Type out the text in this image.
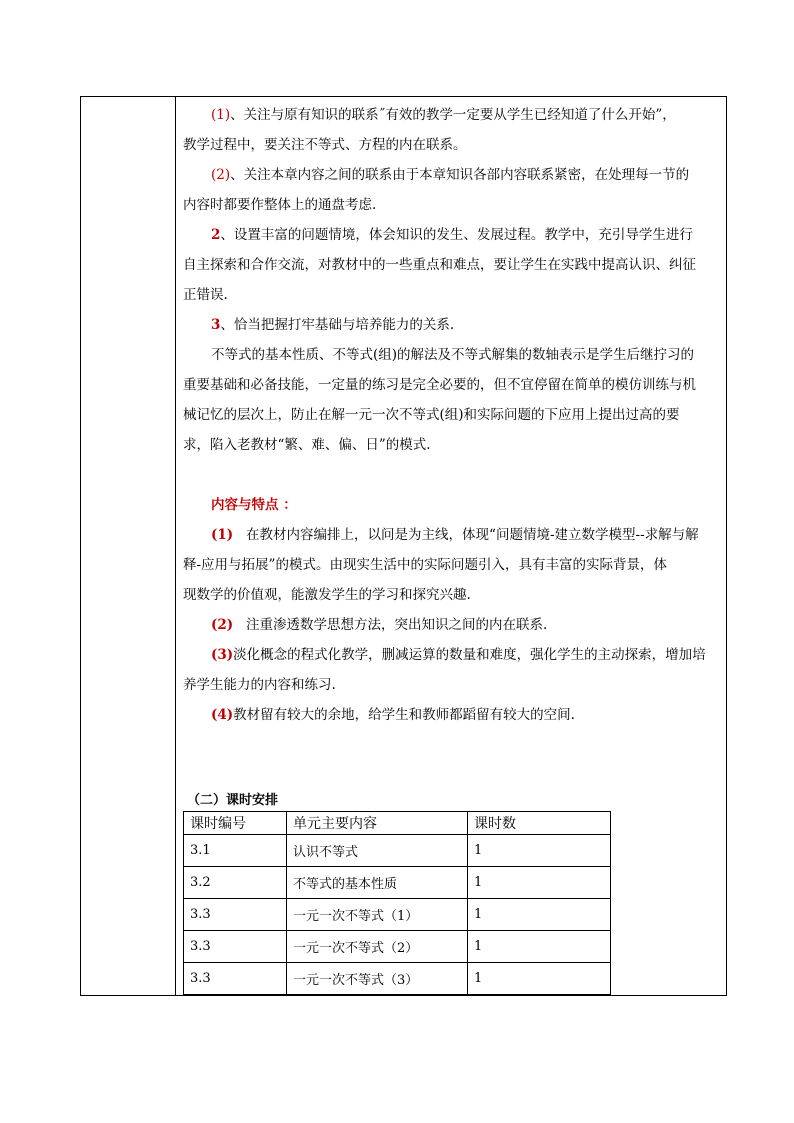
(1)、关注与原有知识的联系˝有效的教学一定要从学生已经知道了什么开始”，

教学过程中，要关注不等式、方程的内在联系。

(2)、关注本章内容之间的联系由于本章知识各部内容联系紧密，在处理每一节的

内容时都要作整体上的通盘考虑.

2、设置丰富的问题情境，体会知识的发生、发展过程。教学中，充引导学生进行

自主探索和合作交流，对教材中的一些重点和难点，要让学生在实践中提高认识、纠征

正错误.

3、恰当把握打牢基础与培养能力的关系.

不等式的基本性质、不等式(组)的解法及不等式解集的数轴表示是学生后继拧习的

重要基础和必备技能，一定量的练习是完全必要的，但不宜停留在简单的模仿训练与机

械记忆的层次上，防止在解一元一次不等式(组)和实际问题的下应用上提出过高的要

求，陷入老教材“繁、难、偏、日”的模式.

内容与特点 ：

(1) 在教材内容编排上，以问是为主线，体现“问题情境-建立数学模型--求解与解

释-应用与拓展”的模式。由现实生活中的实际问题引入，具有丰富的实际背景，体

现数学的价值观，能激发学生的学习和探究兴趣.

(2) 注重渗透数学思想方法，突出知识之间的内在联系.

(3)淡化概念的程式化教学，删减运算的数量和难度，强化学生的主动探索，增加培

养学生能力的内容和练习.

(4)教材留有较大的余地，给学生和教师都蹈留有较大的空间.

（二）课时安排
课时编号	单元主要内容	课时数
3.1	认识不等式	1
3.2	不等式的基本性质	1
3.3	一元一次不等式（1）	1
3.3	一元一次不等式（2）	1
3.3	一元一次不等式（3）	1
